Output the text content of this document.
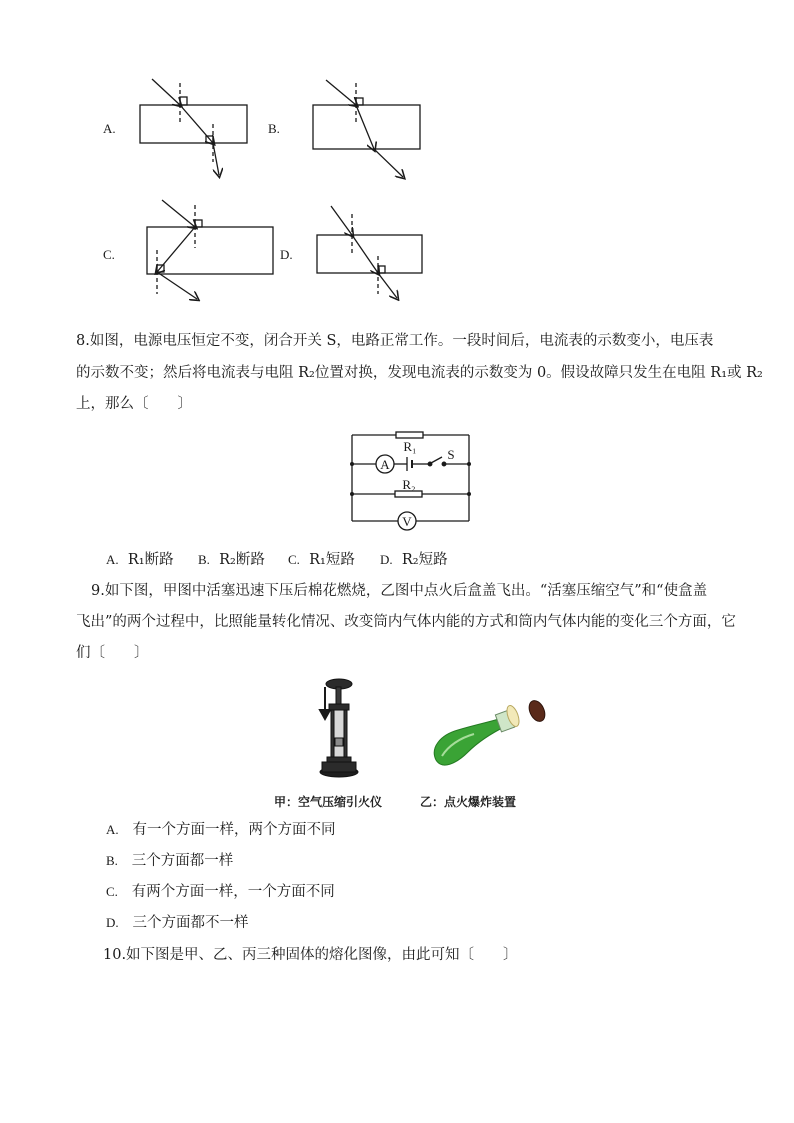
A.	B.
C.	D.
8.如图，电源电压恒定不变，闭合开关 S，电路正常工作。一段时间后，电流表的示数变小，电压表
的示数不变；然后将电流表与电阻 R₂位置对换，发现电流表的示数变为 0。假设故障只发生在电阻 R₁或 R₂
上，那么〔　　〕
R₁
A
S
R₂
V
A. R₁断路 B. R₂断路 C. R₁短路 D. R₂短路
9.如下图，甲图中活塞迅速下压后棉花燃烧，乙图中点火后盒盖飞出。“活塞压缩空气”和“使盒盖
飞出”的两个过程中，比照能量转化情况、改变筒内气体内能的方式和筒内气体内能的变化三个方面，它
们〔　　〕
甲：空气压缩引火仪	乙：点火爆炸装置
A. 有一个方面一样，两个方面不同
B. 三个方面都一样
C. 有两个方面一样，一个方面不同
D. 三个方面都不一样
10.如下图是甲、乙、丙三种固体的熔化图像，由此可知〔　　〕
